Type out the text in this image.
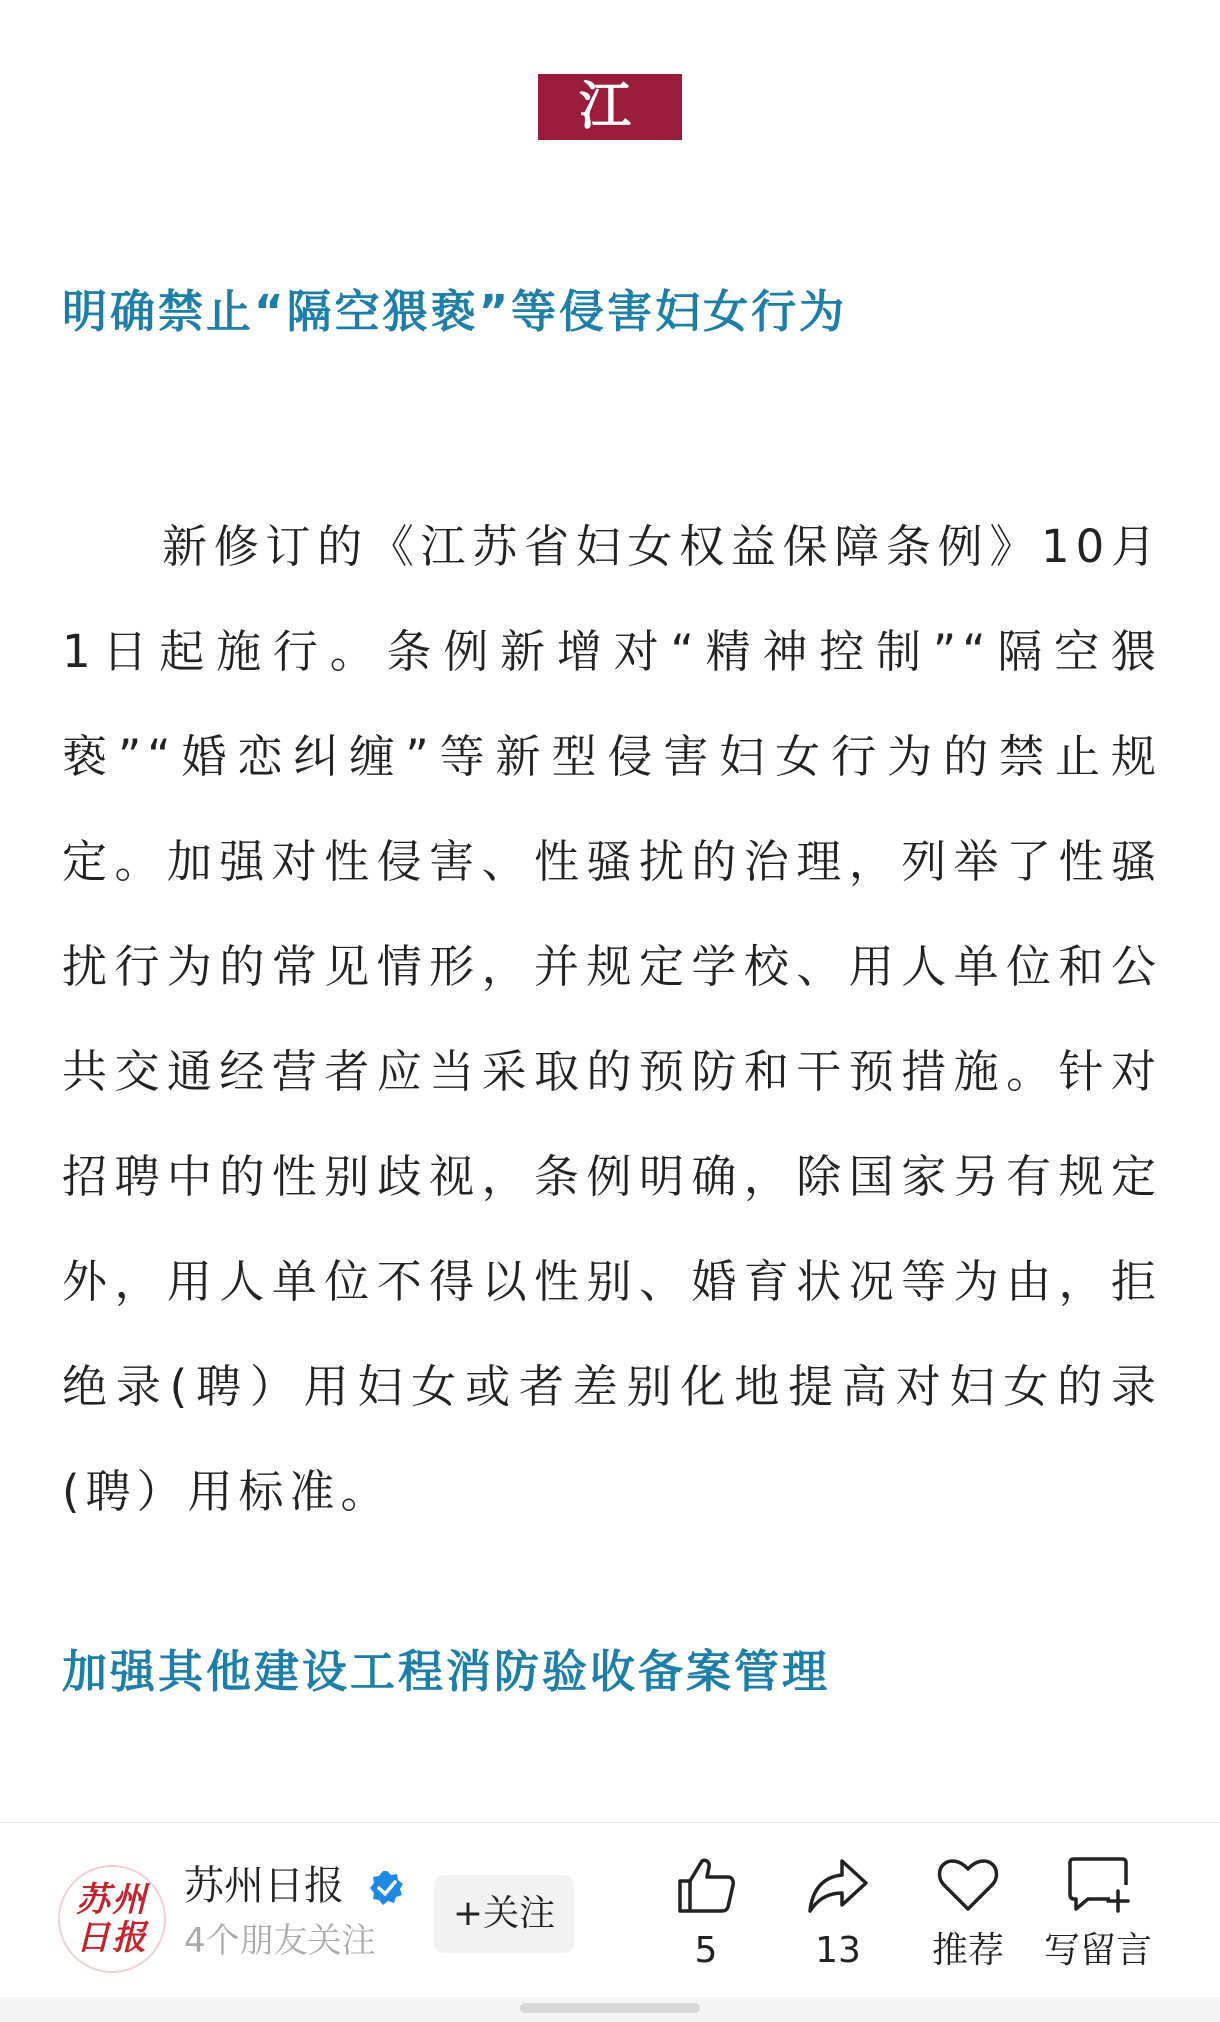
江 苏
明确禁止“隔空猥亵”等侵害妇女行为

新修订的《江苏省妇女权益保障条例》10月1日起施行。条例新增对“精神控制”“隔空猥亵”“婚恋纠缠”等新型侵害妇女行为的禁止规定。加强对性侵害、性骚扰的治理，列举了性骚扰行为的常见情形，并规定学校、用人单位和公共交通经营者应当采取的预防和干预措施。针对招聘中的性别歧视，条例明确，除国家另有规定外，用人单位不得以性别、婚育状况等为由，拒绝录(聘）用妇女或者差别化地提高对妇女的录(聘）用标准。

加强其他建设工程消防验收备案管理
苏州日报
苏州日报
4个朋友关注
+关注
5	13	推荐	写留言
